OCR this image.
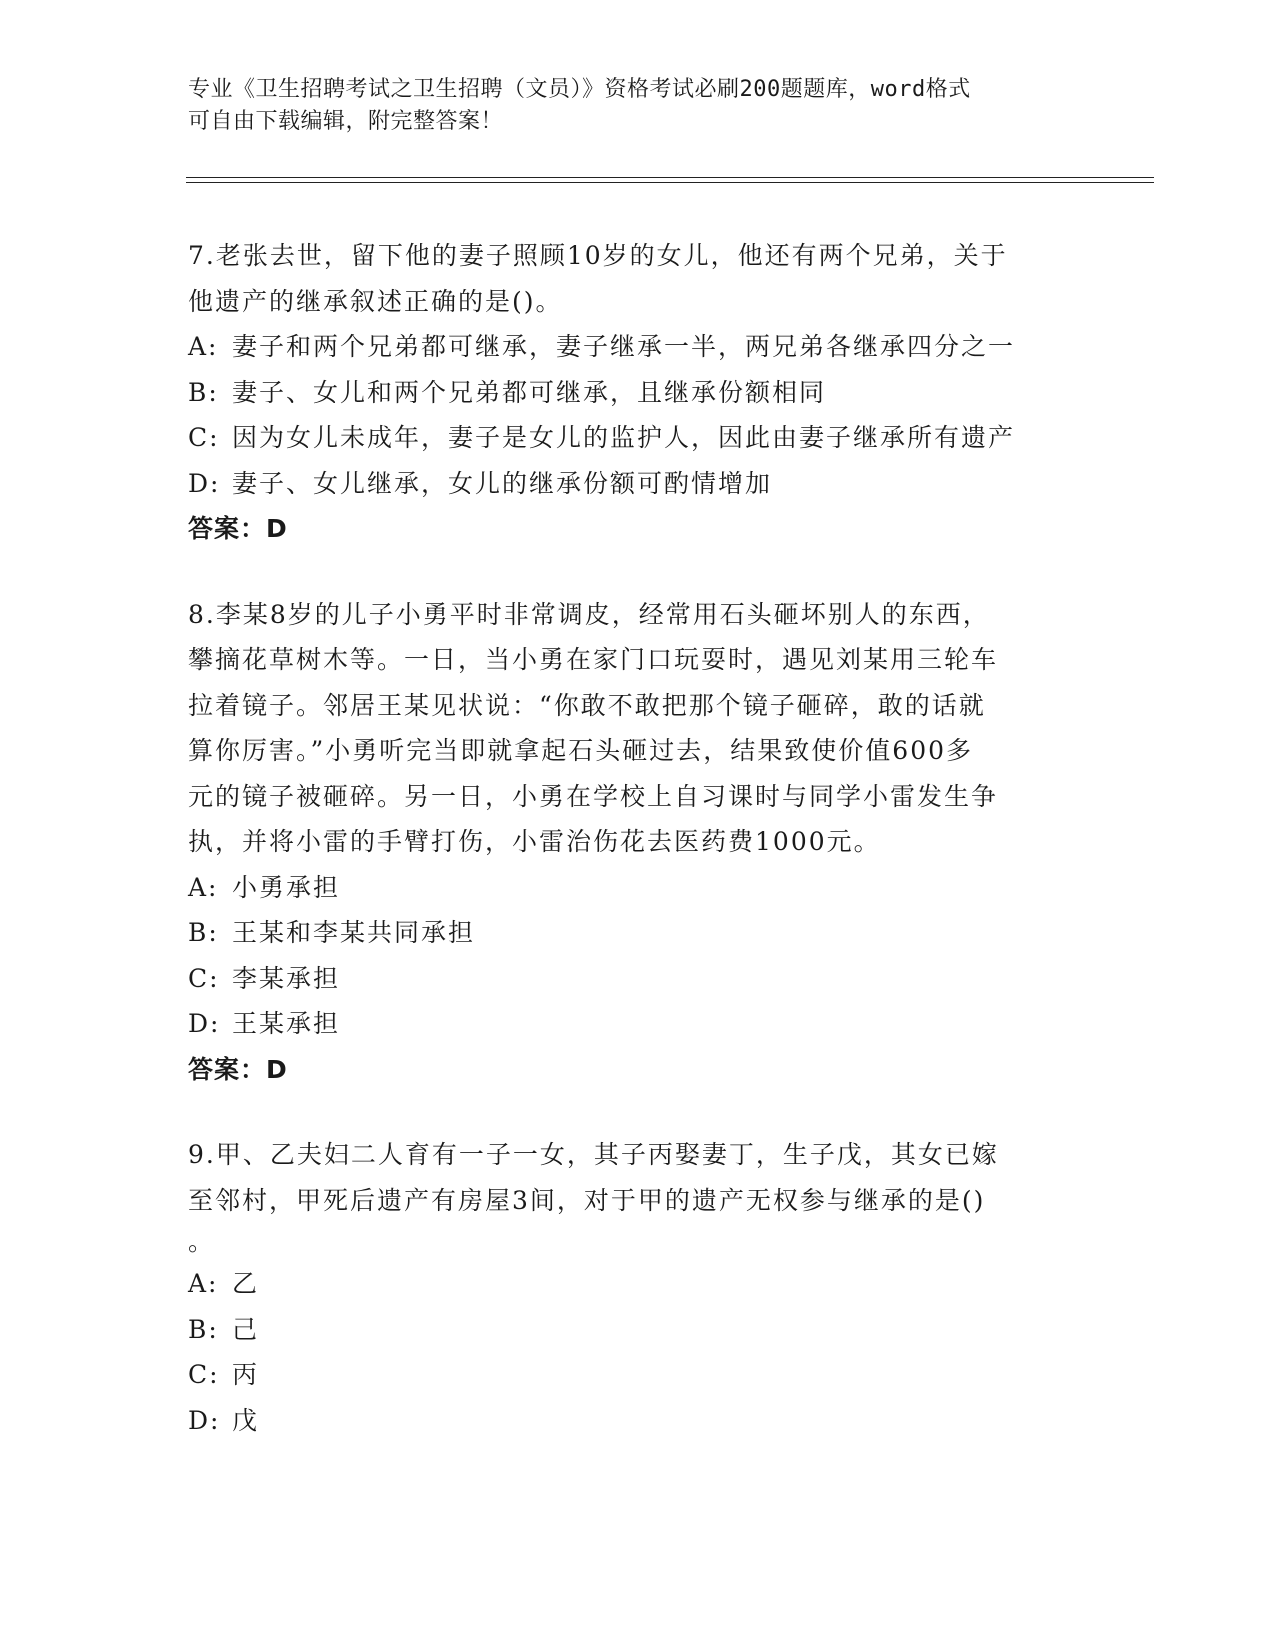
专业《卫生招聘考试之卫生招聘（文员）》资格考试必刷200题题库，word格式
可自由下载编辑，附完整答案！
7.老张去世，留下他的妻子照顾10岁的女儿，他还有两个兄弟，关于
他遗产的继承叙述正确的是()。
A: 妻子和两个兄弟都可继承，妻子继承一半，两兄弟各继承四分之一
B: 妻子、女儿和两个兄弟都可继承，且继承份额相同
C: 因为女儿未成年，妻子是女儿的监护人，因此由妻子继承所有遗产
D: 妻子、女儿继承，女儿的继承份额可酌情增加
答案：D
8.李某8岁的儿子小勇平时非常调皮，经常用石头砸坏别人的东西，
攀摘花草树木等。一日，当小勇在家门口玩耍时，遇见刘某用三轮车
拉着镜子。邻居王某见状说：“你敢不敢把那个镜子砸碎，敢的话就
算你厉害。”小勇听完当即就拿起石头砸过去，结果致使价值600多
元的镜子被砸碎。另一日，小勇在学校上自习课时与同学小雷发生争
执，并将小雷的手臂打伤，小雷治伤花去医药费1000元。
A: 小勇承担
B: 王某和李某共同承担
C: 李某承担
D: 王某承担
答案：D
9.甲、乙夫妇二人育有一子一女，其子丙娶妻丁，生子戊，其女已嫁
至邻村，甲死后遗产有房屋3间，对于甲的遗产无权参与继承的是()
。
A: 乙
B: 己
C: 丙
D: 戊
